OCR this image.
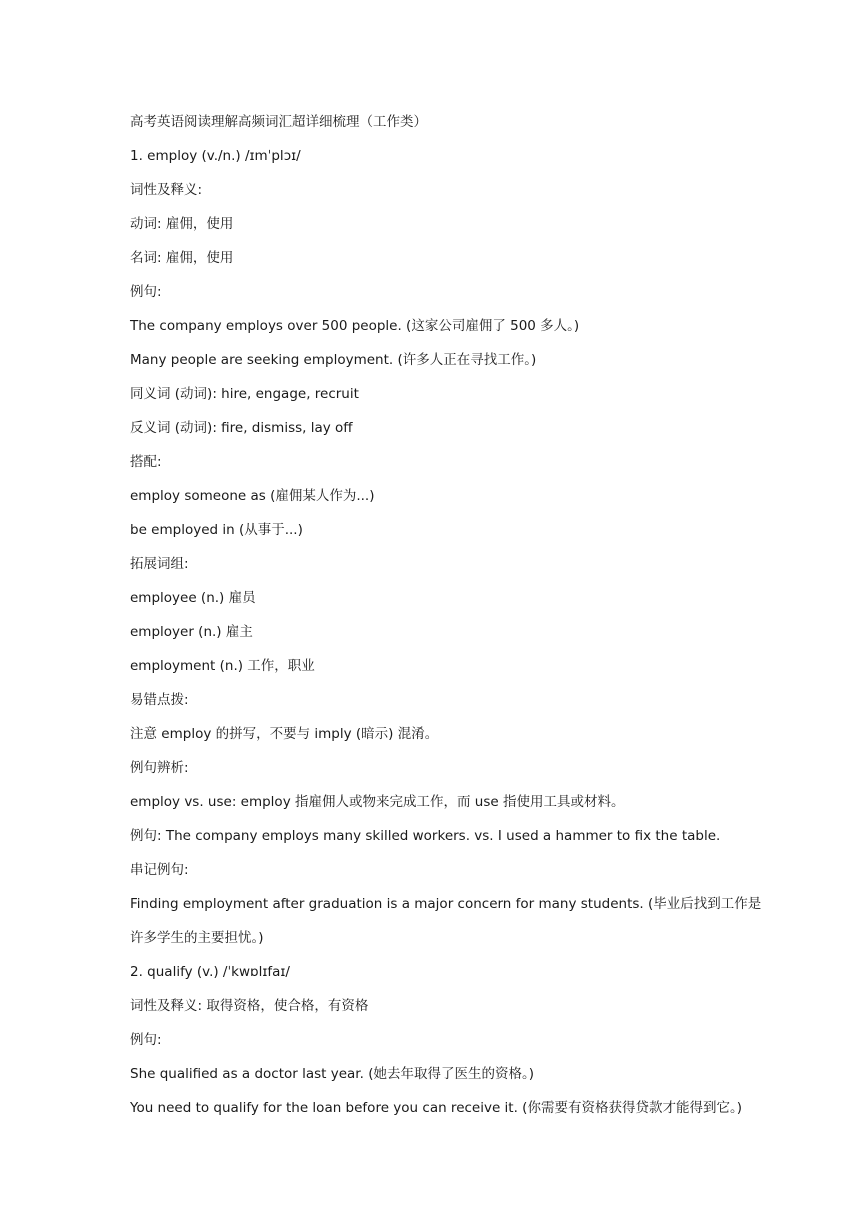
高考英语阅读理解高频词汇超详细梳理（工作类）
1. employ (v./n.) /ɪmˈplɔɪ/
词性及释义:
动词: 雇佣，使用
名词: 雇佣，使用
例句:
The company employs over 500 people. (这家公司雇佣了 500 多人。)
Many people are seeking employment. (许多人正在寻找工作。)
同义词 (动词): hire, engage, recruit
反义词 (动词): fire, dismiss, lay off
搭配:
employ someone as (雇佣某人作为...)
be employed in (从事于...)
拓展词组:
employee (n.) 雇员
employer (n.) 雇主
employment (n.) 工作，职业
易错点拨:
注意 employ 的拼写，不要与 imply (暗示) 混淆。
例句辨析:
employ vs. use: employ 指雇佣人或物来完成工作，而 use 指使用工具或材料。
例句: The company employs many skilled workers. vs. I used a hammer to fix the table.
串记例句:
Finding employment after graduation is a major concern for many students. (毕业后找到工作是
许多学生的主要担忧。)
2. qualify (v.) /ˈkwɒlɪfaɪ/
词性及释义: 取得资格，使合格，有资格
例句:
She qualified as a doctor last year. (她去年取得了医生的资格。)
You need to qualify for the loan before you can receive it. (你需要有资格获得贷款才能得到它。)
